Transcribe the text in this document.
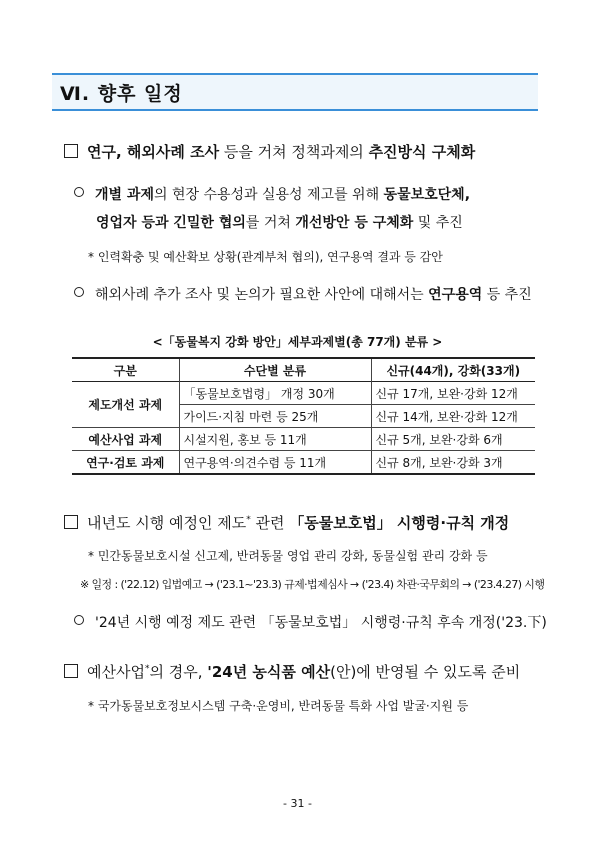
Ⅵ. 향후 일정
연구, 해외사례 조사 등을 거쳐 정책과제의 추진방식 구체화
개별 과제의 현장 수용성과 실용성 제고를 위해 동물보호단체,
영업자 등과 긴밀한 협의를 거쳐 개선방안 등 구체화 및 추진
* 인력확충 및 예산확보 상황(관계부처 협의), 연구용역 결과 등 감안
해외사례 추가 조사 및 논의가 필요한 사안에 대해서는 연구용역 등 추진
<「동물복지 강화 방안」세부과제별(총 77개) 분류 >
구분	수단별 분류	신규(44개), 강화(33개)
제도개선 과제	「동물보호법령」 개정 30개	신규 17개, 보완·강화 12개
	가이드·지침 마련 등 25개	신규 14개, 보완·강화 12개
예산사업 과제	시설지원, 홍보 등 11개	신규 5개, 보완·강화 6개
연구·검토 과제	연구용역·의견수렴 등 11개	신규 8개, 보완·강화 3개
내년도 시행 예정인 제도* 관련 「동물보호법」 시행령·규칙 개정
* 민간동물보호시설 신고제, 반려동물 영업 관리 강화, 동물실험 관리 강화 등
※ 일정 : ('22.12) 입법예고 → ('23.1~'23.3) 규제·법제심사 → ('23.4) 차관·국무회의 → ('23.4.27) 시행
'24년 시행 예정 제도 관련 「동물보호법」 시행령·규칙 후속 개정('23.下)
예산사업*의 경우, '24년 농식품 예산(안)에 반영될 수 있도록 준비
* 국가동물보호정보시스템 구축·운영비, 반려동물 특화 사업 발굴·지원 등
- 31 -
